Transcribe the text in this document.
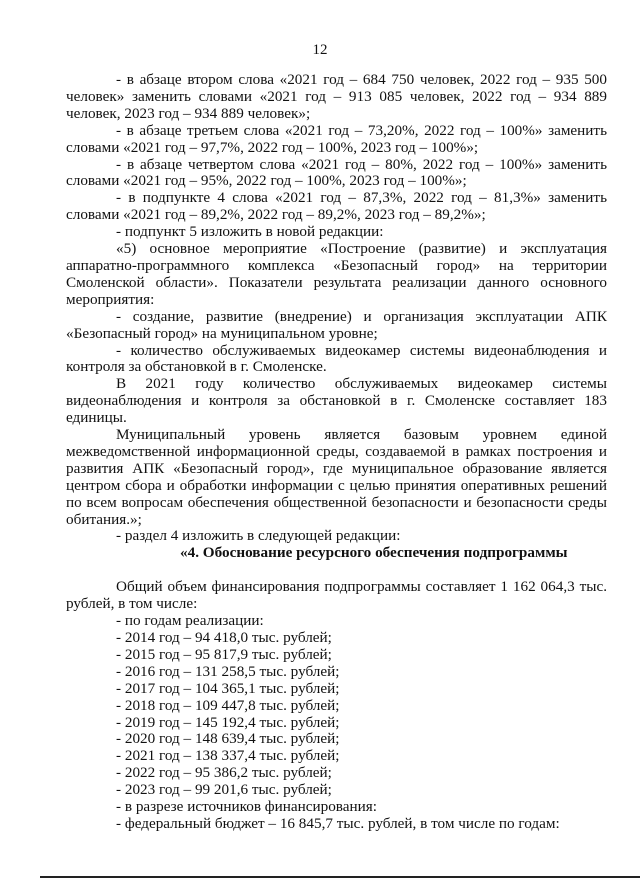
12

- в абзаце втором слова «2021 год – 684 750 человек, 2022 год – 935 500 человек» заменить словами «2021 год – 913 085 человек, 2022 год – 934 889 человек, 2023 год – 934 889 человек»;

- в абзаце третьем слова «2021 год – 73,20%, 2022 год – 100%» заменить словами «2021 год – 97,7%, 2022 год – 100%, 2023 год – 100%»;

- в абзаце четвертом слова «2021 год – 80%, 2022 год – 100%» заменить словами «2021 год – 95%, 2022 год – 100%, 2023 год – 100%»;

- в подпункте 4 слова «2021 год – 87,3%, 2022 год – 81,3%» заменить словами «2021 год – 89,2%, 2022 год – 89,2%, 2023 год – 89,2%»;

- подпункт 5 изложить в новой редакции:

«5) основное мероприятие «Построение (развитие) и эксплуатация аппаратно-программного комплекса «Безопасный город» на территории Смоленской области». Показатели результата реализации данного основного мероприятия:

- создание, развитие (внедрение) и организация эксплуатации АПК «Безопасный город» на муниципальном уровне;

- количество обслуживаемых видеокамер системы видеонаблюдения и контроля за обстановкой в г. Смоленске.

В 2021 году количество обслуживаемых видеокамер системы видеонаблюдения и контроля за обстановкой в г. Смоленске составляет 183 единицы.

Муниципальный уровень является базовым уровнем единой межведомственной информационной среды, создаваемой в рамках построения и развития АПК «Безопасный город», где муниципальное образование является центром сбора и обработки информации с целью принятия оперативных решений по всем вопросам обеспечения общественной безопасности и безопасности среды обитания.»;

- раздел 4 изложить в следующей редакции:

«4. Обоснование ресурсного обеспечения подпрограммы

Общий объем финансирования подпрограммы составляет 1 162 064,3 тыс. рублей, в том числе:

- по годам реализации:

- 2014 год – 94 418,0 тыс. рублей;

- 2015 год – 95 817,9 тыс. рублей;

- 2016 год – 131 258,5 тыс. рублей;

- 2017 год – 104 365,1 тыс. рублей;

- 2018 год – 109 447,8 тыс. рублей;

- 2019 год – 145 192,4 тыс. рублей;

- 2020 год – 148 639,4 тыс. рублей;

- 2021 год – 138 337,4 тыс. рублей;

- 2022 год – 95 386,2 тыс. рублей;

- 2023 год – 99 201,6 тыс. рублей;

- в разрезе источников финансирования:

- федеральный бюджет – 16 845,7 тыс. рублей, в том числе по годам:
